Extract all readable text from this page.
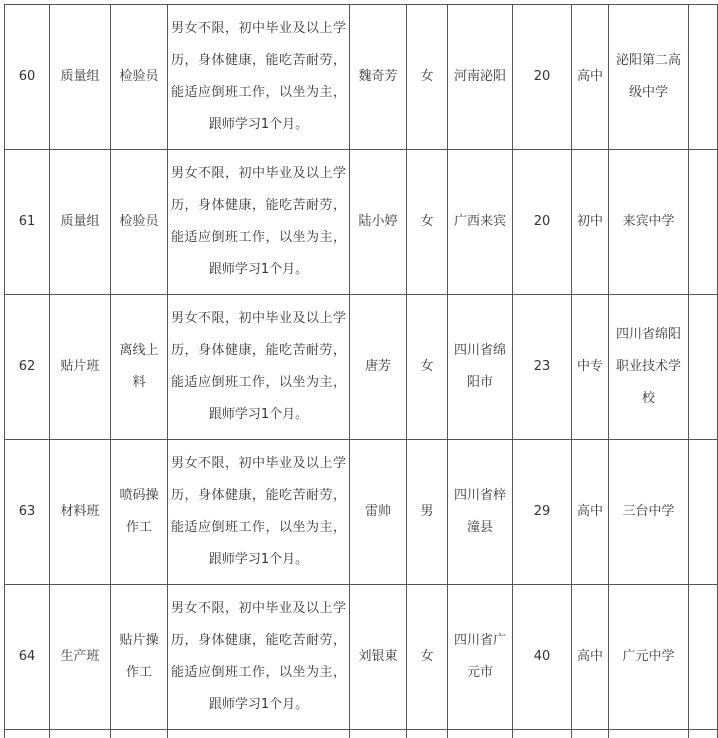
60	质量组	检验员	男女不限，初中毕业及以上学历，身体健康，能吃苦耐劳，能适应倒班工作，以坐为主，跟师学习1个月。	魏奇芳	女	河南泌阳	20	高中	泌阳第二高级中学	

61	质量组	检验员	男女不限，初中毕业及以上学历，身体健康，能吃苦耐劳，能适应倒班工作，以坐为主，跟师学习1个月。	陆小婷	女	广西来宾	20	初中	来宾中学	

62	贴片班	离线上料	男女不限，初中毕业及以上学历，身体健康，能吃苦耐劳，能适应倒班工作，以坐为主，跟师学习1个月。	唐芳	女	四川省绵阳市	23	中专	四川省绵阳职业技术学校	

63	材料班	喷码操作工	男女不限，初中毕业及以上学历，身体健康，能吃苦耐劳，能适应倒班工作，以坐为主，跟师学习1个月。	雷帅	男	四川省梓潼县	29	高中	三台中学	

64	生产班	贴片操作工	男女不限，初中毕业及以上学历，身体健康，能吃苦耐劳，能适应倒班工作，以坐为主，跟师学习1个月。	刘银東	女	四川省广元市	40	高中	广元中学	
